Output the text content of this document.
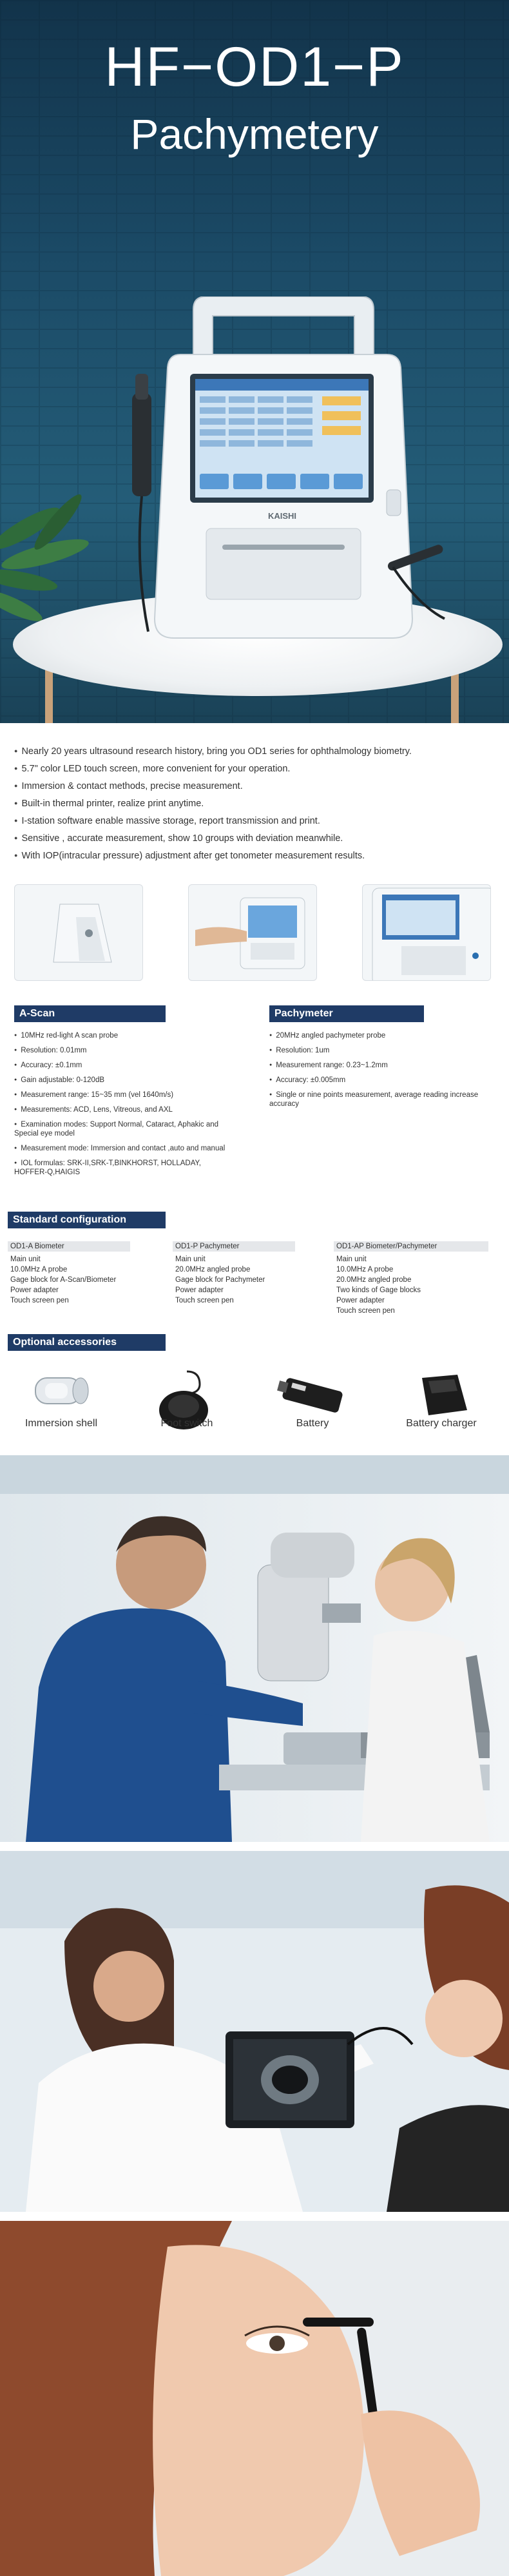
HF−OD1−P
Pachymetery
KAISHI
● Nearly 20 years ultrasound research history, bring you OD1 series for ophthalmology biometry.
● 5.7" color LED touch screen, more convenient for your operation.
● Immersion & contact methods, precise measurement.
● Built-in thermal printer, realize print anytime.
● I-station software enable massive storage, report transmission and print.
● Sensitive , accurate measurement, show 10 groups with deviation meanwhile.
● With IOP(intracular pressure) adjustment after get tonometer measurement results.
A-Scan
● 10MHz red-light A scan probe
● Resolution: 0.01mm
● Accuracy: ±0.1mm
● Gain adjustable: 0-120dB
● Measurement range: 15~35 mm (vel 1640m/s)
● Measurements: ACD, Lens, Vitreous, and AXL
● Examination modes: Support Normal, Cataract, Aphakic and Special eye model
● Measurement mode: Immersion and contact ,auto and manual
● IOL formulas: SRK-II,SRK-T,BINKHORST, HOLLADAY, HOFFER-Q,HAIGIS
Pachymeter
● 20MHz angled pachymeter probe
● Resolution: 1um
● Measurement range: 0.23~1.2mm
● Accuracy: ±0.005mm
● Single or nine points measurement, average reading increase accuracy
Standard configuration
OD1-A Biometer
Main unit
10.0MHz A probe
Gage block for A-Scan/Biometer
Power adapter
Touch screen pen
OD1-P Pachymeter
Main unit
20.0MHz angled probe
Gage block for Pachymeter
Power adapter
Touch screen pen
OD1-AP Biometer/Pachymeter
Main unit
10.0MHz A probe
20.0MHz angled probe
Two kinds of Gage blocks
Power adapter
Touch screen pen
Optional accessories
Immersion shell	Foot switch	Battery	Battery charger
